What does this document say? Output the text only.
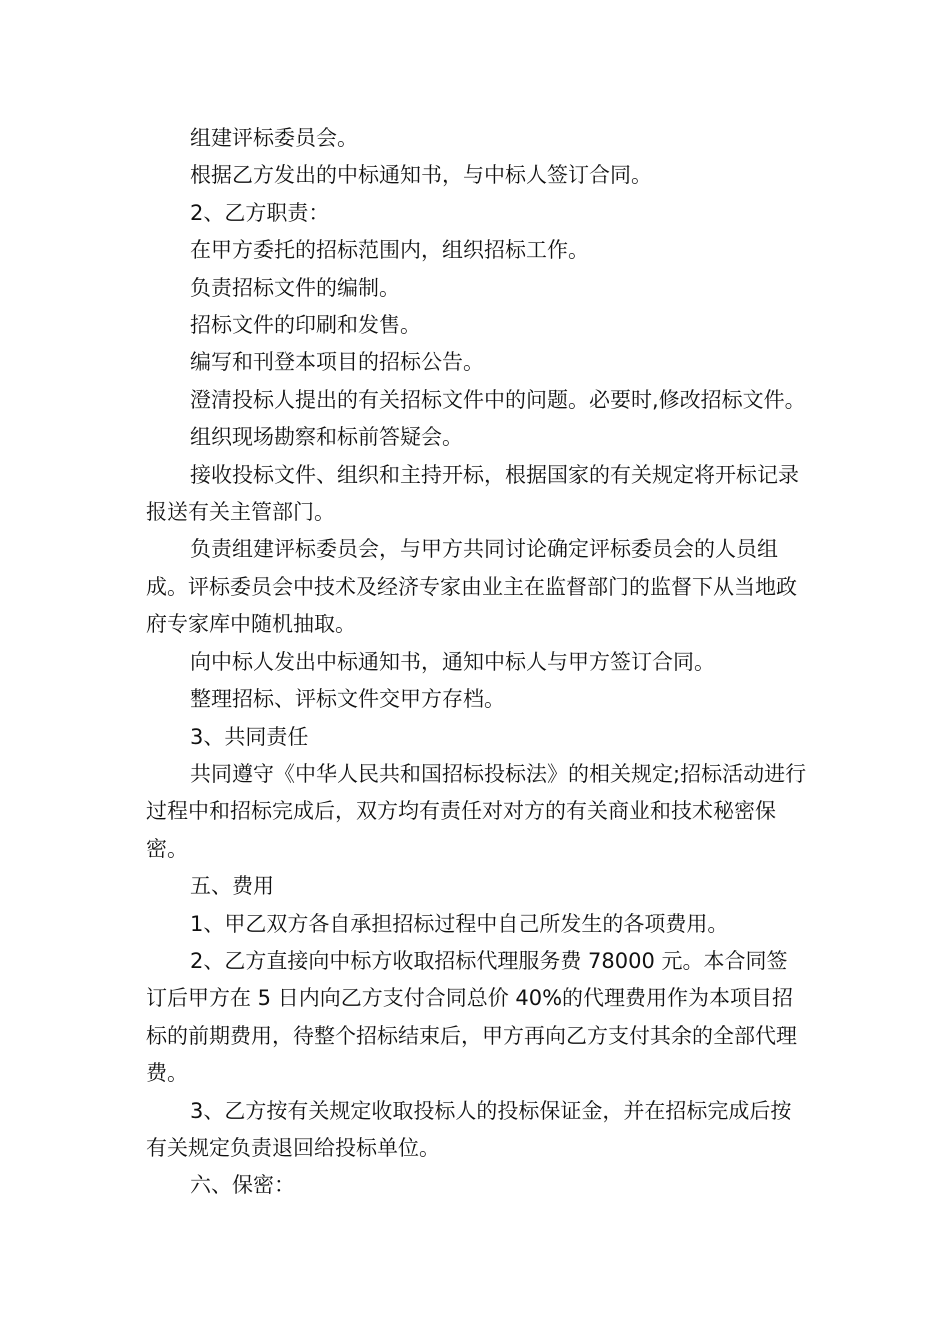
组建评标委员会。

根据乙方发出的中标通知书，与中标人签订合同。

2、乙方职责：

在甲方委托的招标范围内，组织招标工作。

负责招标文件的编制。

招标文件的印刷和发售。

编写和刊登本项目的招标公告。

澄清投标人提出的有关招标文件中的问题。必要时,修改招标文件。

组织现场勘察和标前答疑会。

接收投标文件、组织和主持开标，根据国家的有关规定将开标记录报送有关主管部门。

负责组建评标委员会，与甲方共同讨论确定评标委员会的人员组成。评标委员会中技术及经济专家由业主在监督部门的监督下从当地政府专家库中随机抽取。

向中标人发出中标通知书，通知中标人与甲方签订合同。

整理招标、评标文件交甲方存档。

3、共同责任

共同遵守《中华人民共和国招标投标法》的相关规定;招标活动进行过程中和招标完成后，双方均有责任对对方的有关商业和技术秘密保密。

五、费用

1、甲乙双方各自承担招标过程中自己所发生的各项费用。

2、乙方直接向中标方收取招标代理服务费 78000 元。本合同签订后甲方在 5 日内向乙方支付合同总价 40%的代理费用作为本项目招标的前期费用，待整个招标结束后，甲方再向乙方支付其余的全部代理费。

3、乙方按有关规定收取投标人的投标保证金，并在招标完成后按有关规定负责退回给投标单位。

六、保密：
